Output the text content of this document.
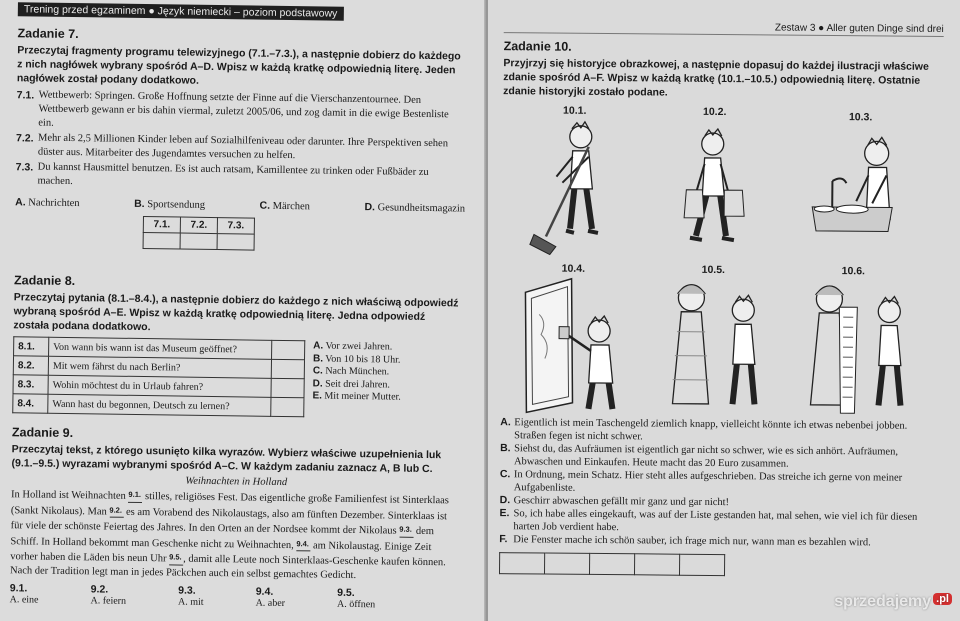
Trening przed egzaminem ● Język niemiecki – poziom podstawowy
Zadanie 7.
Przeczytaj fragmenty programu telewizyjnego (7.1.–7.3.), a następnie dobierz do każdego z nich nagłówek wybrany spośród A–D. Wpisz w każdą kratkę odpowiednią literę. Jeden nagłówek został podany dodatkowo.
7.1. Wettbewerb: Springen. Große Hoffnung setzte der Finne auf die Vierschanzentournee. Den Wettbewerb gewann er bis dahin viermal, zuletzt 2005/06, und zog damit in die ewige Bestenliste ein.
7.2. Mehr als 2,5 Millionen Kinder leben auf Sozialhilfeniveau oder darunter. Ihre Perspektiven sehen düster aus. Mitarbeiter des Jugendamtes versuchen zu helfen.
7.3. Du kannst Hausmittel benutzen. Es ist auch ratsam, Kamillentee zu trinken oder Fußbäder zu machen.
A. Nachrichten	B. Sportsendung	C. Märchen	D. Gesundheitsmagazin
7.1.	7.2.	7.3.

Zadanie 8.
Przeczytaj pytania (8.1.–8.4.), a następnie dobierz do każdego z nich właściwą odpowiedź wybraną spośród A–E. Wpisz w każdą kratkę odpowiednią literę. Jedna odpowiedź została podana dodatkowo.
8.1.	Von wann bis wann ist das Museum geöffnet?	
8.2.	Mit wem fährst du nach Berlin?	
8.3.	Wohin möchtest du in Urlaub fahren?	
8.4.	Wann hast du begonnen, Deutsch zu lernen?	
A. Vor zwei Jahren.
B. Von 10 bis 18 Uhr.
C. Nach München.
D. Seit drei Jahren.
E. Mit meiner Mutter.
Zadanie 9.
Przeczytaj tekst, z którego usunięto kilka wyrazów. Wybierz właściwe uzupełnienia luk (9.1.–9.5.) wyrazami wybranymi spośród A–C. W każdym zadaniu zaznacz A, B lub C.
Weihnachten in Holland
In Holland ist Weihnachten 9.1. stilles, religiöses Fest. Das eigentliche große Familienfest ist Sinterklaas (Sankt Nikolaus). Man 9.2. es am Vorabend des Nikolaustags, also am fünften Dezember. Sinterklaas ist für viele der schönste Feiertag des Jahres. In den Orten an der Nordsee kommt der Nikolaus 9.3. dem Schiff. In Holland bekommt man Geschenke nicht zu Weihnachten, 9.4. am Nikolaustag. Einige Zeit vorher haben die Läden bis neun Uhr 9.5., damit alle Leute noch Sinterklaas-Geschenke kaufen können. Nach der Tradition legt man in jedes Päckchen auch ein selbst gemachtes Gedicht.
9.1.
A. eine
9.2.
A. feiern
9.3.
A. mit
9.4.
A. aber
9.5.
A. öffnen
Zestaw 3 ● Aller guten Dinge sind drei
Zadanie 10.
Przyjrzyj się historyjce obrazkowej, a następnie dopasuj do każdej ilustracji właściwe zdanie spośród A–F. Wpisz w każdą kratkę (10.1.–10.5.) odpowiednią literę. Ostatnie zdanie historyjki zostało podane.
10.1.	10.2.	10.3.
10.4.	10.5.	10.6.
A. Eigentlich ist mein Taschengeld ziemlich knapp, vielleicht könnte ich etwas nebenbei jobben. Straßen fegen ist nicht schwer.
B. Siehst du, das Aufräumen ist eigentlich gar nicht so schwer, wie es sich anhört. Aufräumen, Abwaschen und Einkaufen. Heute macht das 20 Euro zusammen.
C. In Ordnung, mein Schatz. Hier steht alles aufgeschrieben. Das streiche ich gerne von meiner Aufgabenliste.
D. Geschirr abwaschen gefällt mir ganz und gar nicht!
E. So, ich habe alles eingekauft, was auf der Liste gestanden hat, mal sehen, wie viel ich für diesen harten Job verdient habe.
F. Die Fenster mache ich schön sauber, ich frage mich nur, wann man es bezahlen wird.

sprzedajemy .pl
